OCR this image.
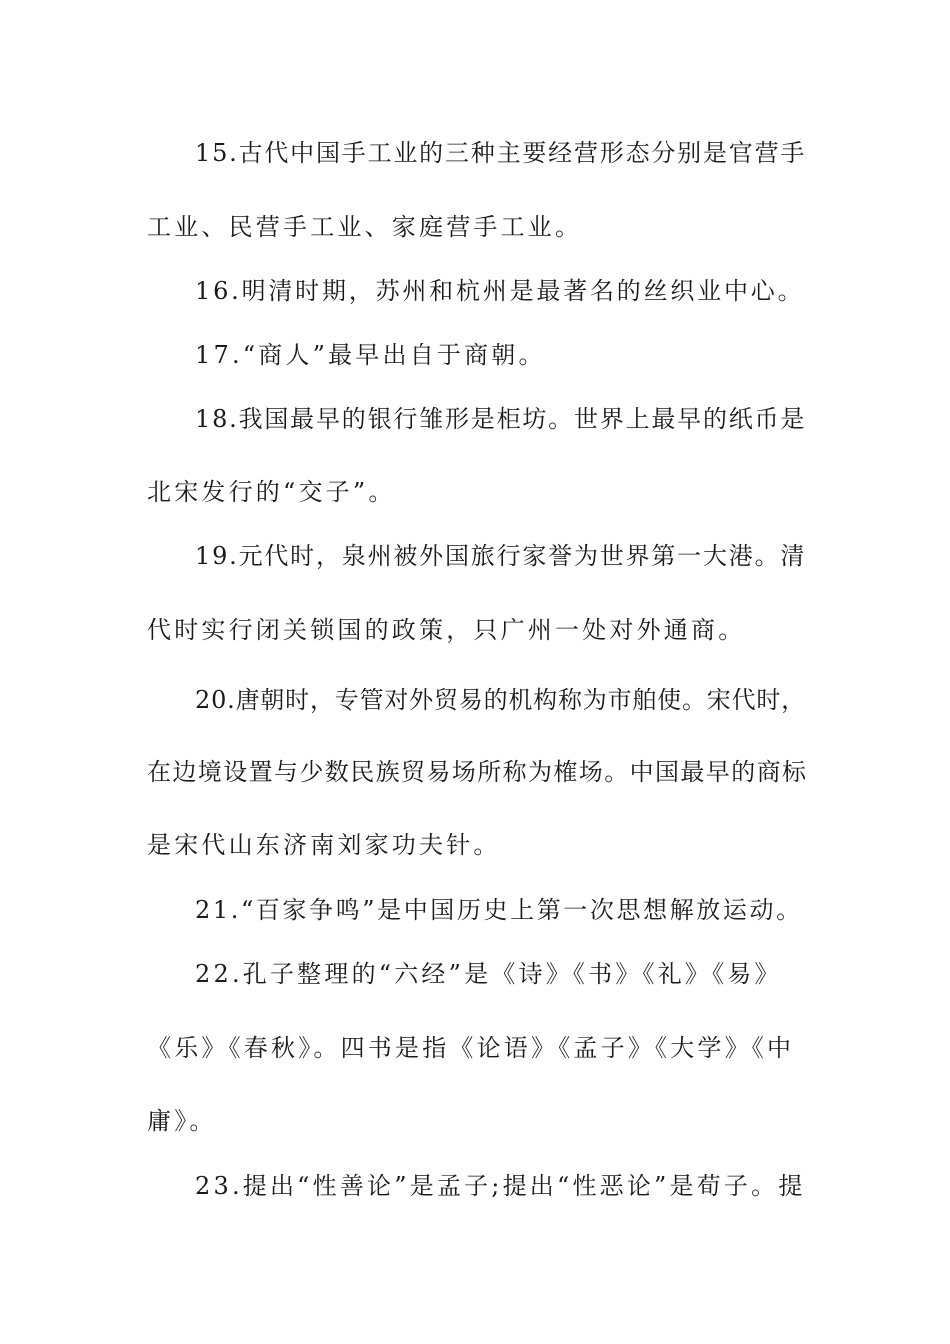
15.古代中国手工业的三种主要经营形态分别是官营手
工业、民营手工业、家庭营手工业。
16.明清时期，苏州和杭州是最著名的丝织业中心。
17.“商人”最早出自于商朝。
18.我国最早的银行雏形是柜坊。世界上最早的纸币是
北宋发行的“交子”。
19.元代时，泉州被外国旅行家誉为世界第一大港。清
代时实行闭关锁国的政策，只广州一处对外通商。
20.唐朝时，专管对外贸易的机构称为市舶使。宋代时，
在边境设置与少数民族贸易场所称为榷场。中国最早的商标
是宋代山东济南刘家功夫针。
21.“百家争鸣”是中国历史上第一次思想解放运动。
22.孔子整理的“六经”是《诗》《书》《礼》《易》
《乐》《春秋》。四书是指《论语》《孟子》《大学》《中
庸》。
23.提出“性善论”是孟子;提出“性恶论”是荀子。提
